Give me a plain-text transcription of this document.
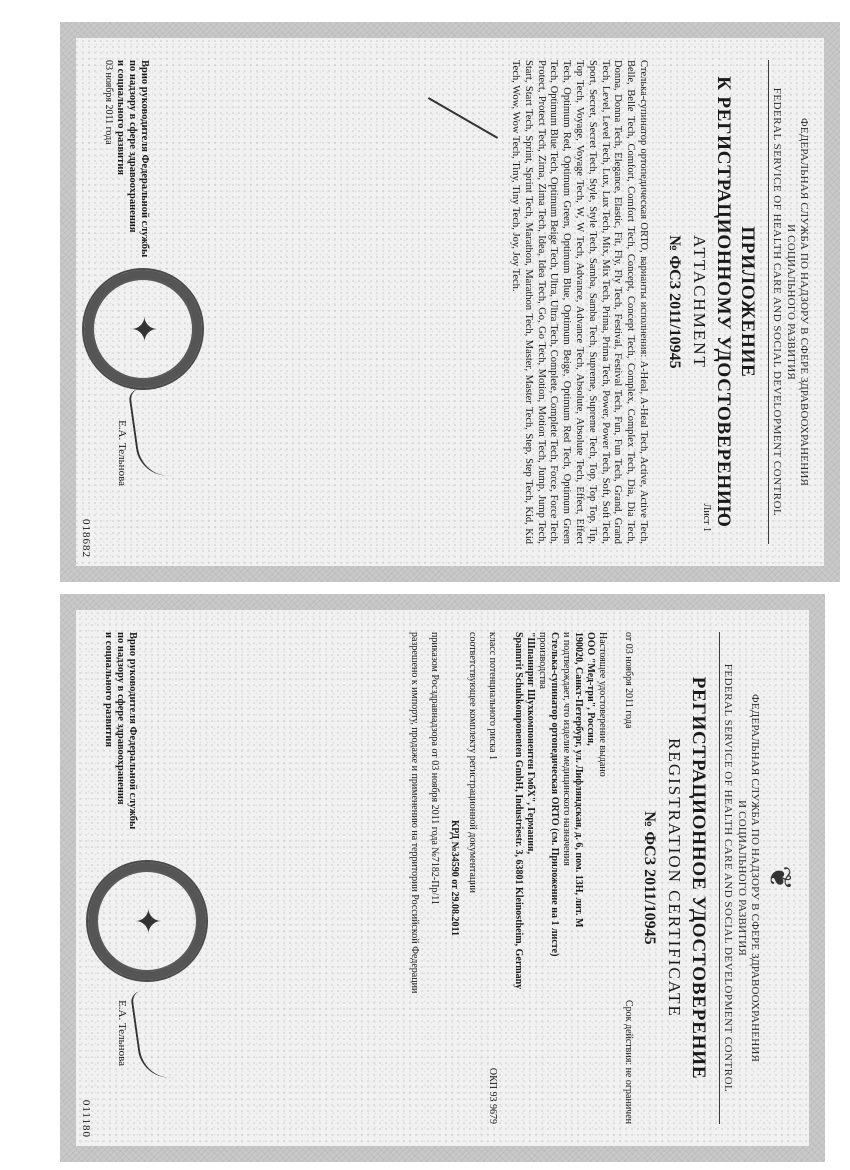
ФЕДЕРАЛЬНАЯ СЛУЖБА ПО НАДЗОРУ В СФЕРЕ ЗДРАВООХРАНЕНИЯ
И СОЦИАЛЬНОГО РАЗВИТИЯ
FEDERAL SERVICE OF HEALTH CARE AND SOCIAL DEVELOPMENT CONTROL
ПРИЛОЖЕНИЕ
К РЕГИСТРАЦИОННОМУ УДОСТОВЕРЕНИЮ
ATTACHMENT
№ ФСЗ 2011/10945
Лист 1
Стелька-супинатор ортопедическая ORTO, варианты исполнения: A-Heal, A-Heal Tech, Active, Active Tech, Belle, Belle Tech, Comfort, Comfort Tech, Concept, Concept Tech, Complex, Complex Tech, Dia, Dia Tech, Donna, Donna Tech, Elegance, Elastic, Fit, Fly, Fly Tech, Festival, Festival Tech, Fun, Fun Tech, Grand, Grand Tech, Level, Level Tech, Lux, Lux Tech, Mix, Mix Tech, Prima, Prima Tech, Power, Power Tech, Soft, Soft Tech, Sport, Secret, Secret Tech, Style, Style Tech, Samba, Samba Tech, Supreme, Supreme Tech, Top, Top Top, Tip, Top Tech, Voyage, Voyage Tech, W, W Tech, Advance, Advance Tech, Absolute, Absolute Tech, Effect, Effect Tech, Optimum Red, Optimum Green, Optimum Blue, Optimum Beige, Optimum Red Tech, Optimum Green Tech, Optimum Blue Tech, Optimum Beige Tech, Ultra, Ultra Tech, Complete, Complete Tech, Force, Force Tech, Protect, Protect Tech, Zima, Zima Tech, Idea, Idea Tech, Go, Go Tech, Motion, Motion Tech, Jump, Jump Tech, Start, Start Tech, Sprint, Sprint Tech, Marathon, Marathon Tech, Master, Master Tech, Step, Step Tech, Kid, Kid Tech, Wow, Wow Tech, Tiny, Tiny Tech, Joy, Joy Tech.
Врио руководителя Федеральной службы
по надзору в сфере здравоохранения
и социального развития
03 ноября 2011 года
✦
Е.А. Тельнова
018682
❦
ФЕДЕРАЛЬНАЯ СЛУЖБА ПО НАДЗОРУ В СФЕРЕ ЗДРАВООХРАНЕНИЯ
И СОЦИАЛЬНОГО РАЗВИТИЯ
FEDERAL SERVICE OF HEALTH CARE AND SOCIAL DEVELOPMENT CONTROL
РЕГИСТРАЦИОННОЕ УДОСТОВЕРЕНИЕ
REGISTRATION CERTIFICATE
№ ФСЗ 2011/10945
от 03 ноября 2011 года
Срок действия: не ограничен
Настоящее удостоверение выдано
ООО "Мед-три", Россия,
190020, Санкт-Петербург, ул. Лифляндская, д. 6, пом. 13Н, лит. М
и подтверждает, что изделие медицинского назначения
Стелька-супинатор ортопедическая ORTO (см. Приложение на 1 листе)
производства
"Шпаннриг Шухкомпонентен ГмбХ", Германия,
Spannrit Schuhkomponenten GmbH, Industriestr. 3, 63801 Kleinostheim, Germany
класс потенциального риска 1
ОКП 93 9679
соответствующее комплекту регистрационной документации
КРД №34590 от 29.08.2011
приказом Росздравнадзора от 03 ноября 2011 года №7182-Пр/11
разрешено к импорту, продаже и применению на территории Российской Федерации
Врио руководителя Федеральной службы
по надзору в сфере здравоохранения
и социального развития
✦
Е.А. Тельнова
011180
